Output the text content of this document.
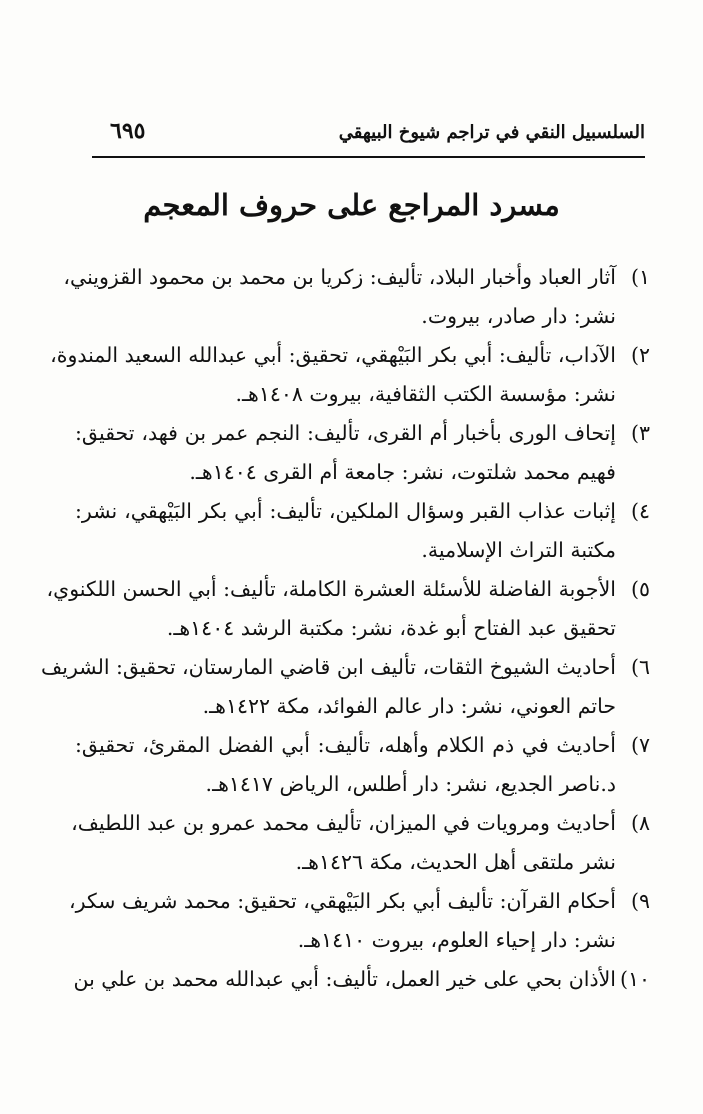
٦٩٥	السلسبيل النقي في تراجم شيوخ البيهقي
مسرد المراجع على حروف المعجم
١)
آثار العباد وأخبار البلاد، تأليف: زكريا بن محمد بن محمود القزويني،
نشر: دار صادر، بيروت.
٢)
الآداب، تأليف: أبي بكر البَيْهقي، تحقيق: أبي عبدالله السعيد المندوة،
نشر: مؤسسة الكتب الثقافية، بيروت ١٤٠٨هـ.
٣)
إتحاف الورى بأخبار أم القرى، تأليف: النجم عمر بن فهد، تحقيق:
فهيم محمد شلتوت، نشر: جامعة أم القرى ١٤٠٤هـ.
٤)
إثبات عذاب القبر وسؤال الملكين، تأليف: أبي بكر البَيْهقي، نشر:
مكتبة التراث الإسلامية.
٥)
الأجوبة الفاضلة للأسئلة العشرة الكاملة، تأليف: أبي الحسن اللكنوي،
تحقيق عبد الفتاح أبو غدة، نشر: مكتبة الرشد ١٤٠٤هـ.
٦)
أحاديث الشيوخ الثقات، تأليف ابن قاضي المارستان، تحقيق: الشريف
حاتم العوني، نشر: دار عالم الفوائد، مكة ١٤٢٢هـ.
٧)
أحاديث في ذم الكلام وأهله، تأليف: أبي الفضل المقرئ، تحقيق:
د.ناصر الجديع، نشر: دار أطلس، الرياض ١٤١٧هـ.
٨)
أحاديث ومرويات في الميزان، تأليف محمد عمرو بن عبد اللطيف،
نشر ملتقى أهل الحديث، مكة ١٤٢٦هـ.
٩)
أحكام القرآن: تأليف أبي بكر البَيْهقي، تحقيق: محمد شريف سكر،
نشر: دار إحياء العلوم، بيروت ١٤١٠هـ.
١٠)
الأذان بحي على خير العمل، تأليف: أبي عبدالله محمد بن علي بن
